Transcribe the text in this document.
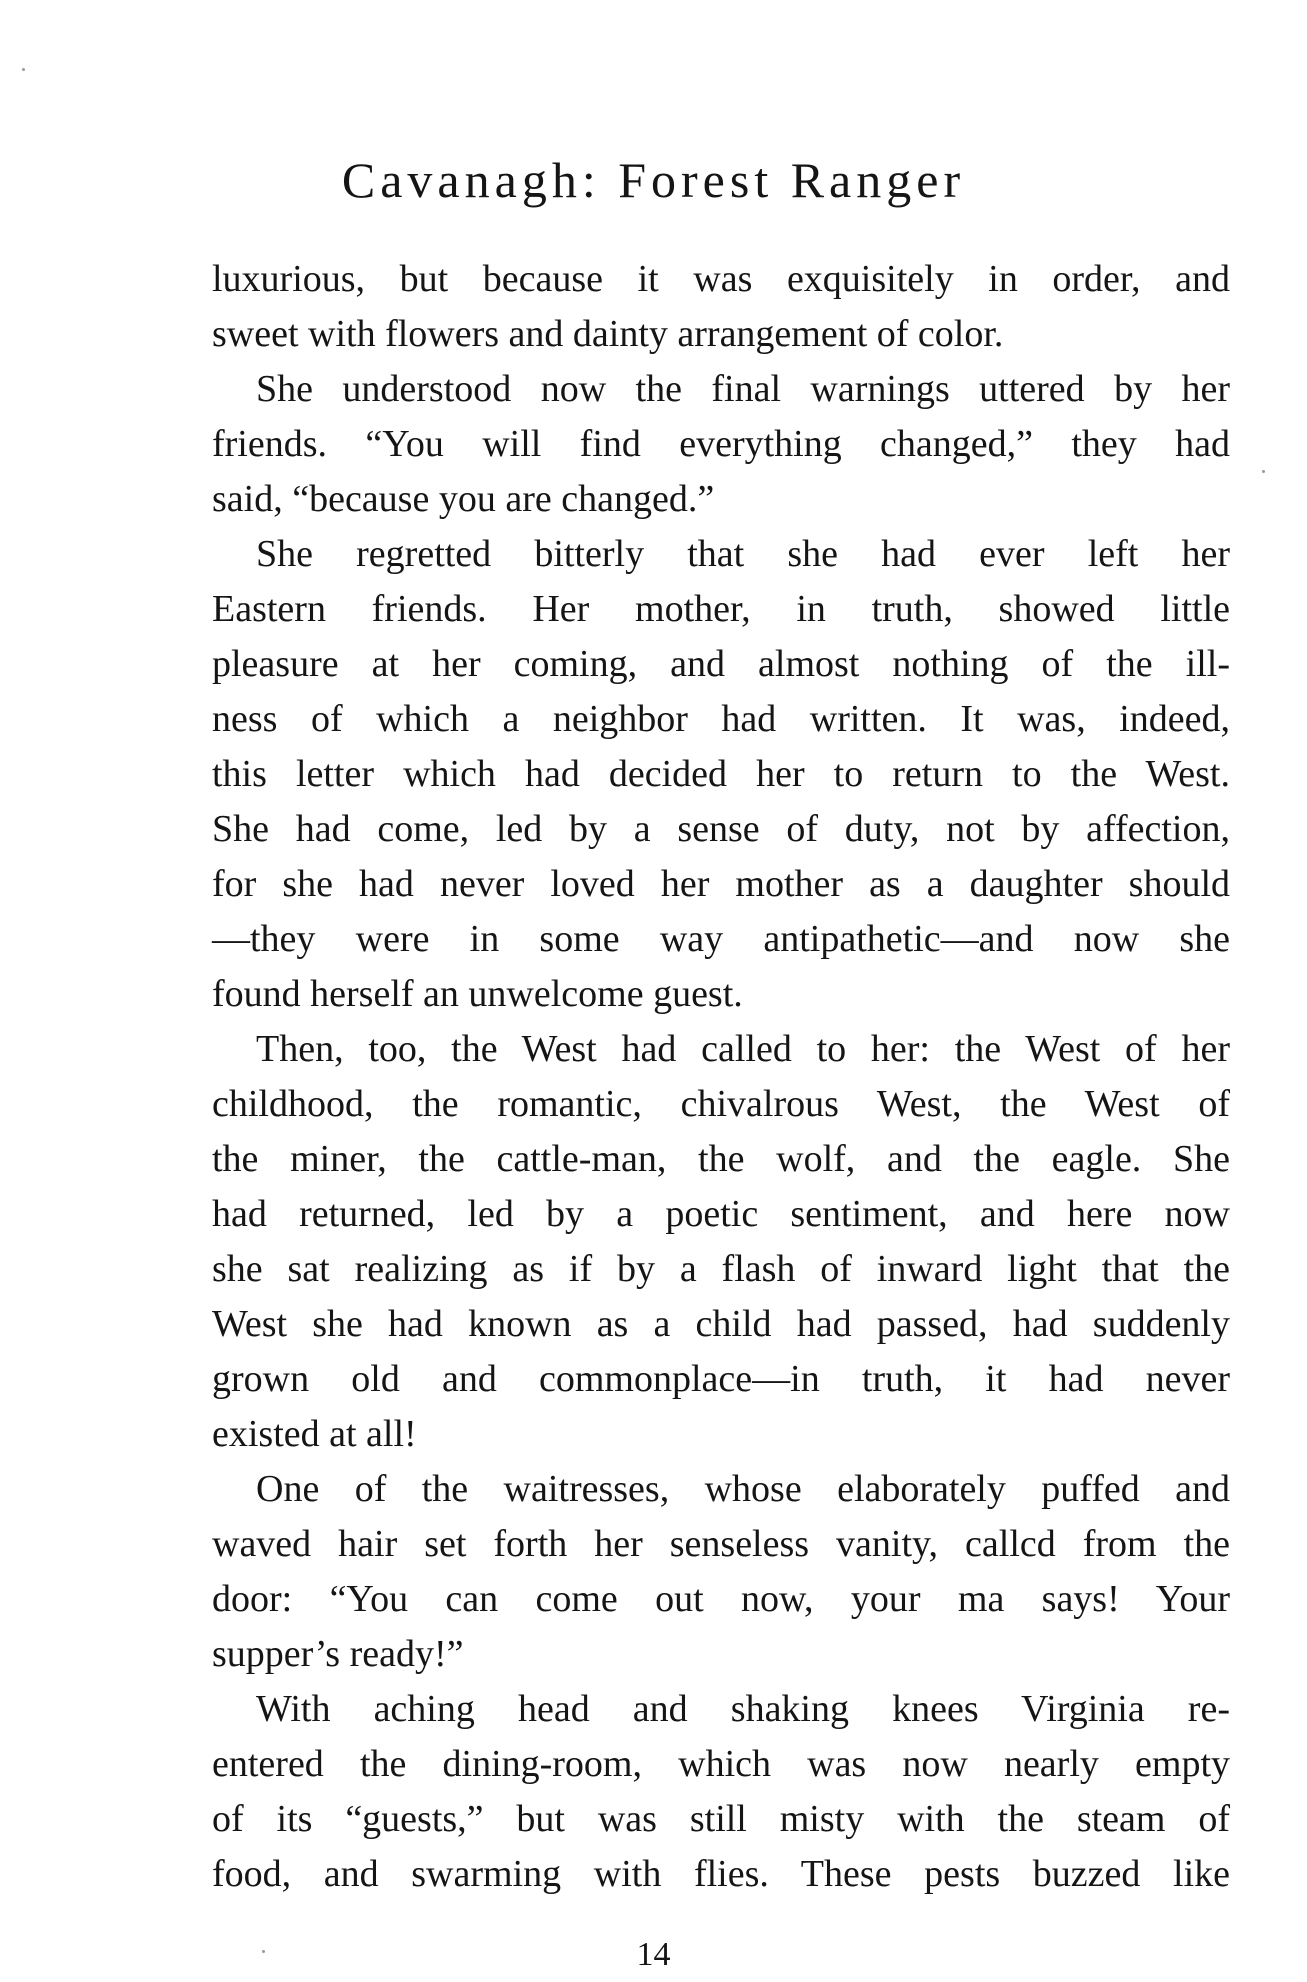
Cavanagh: Forest Ranger
luxurious, but because it was exquisitely in order, and
sweet with flowers and dainty arrangement of color.
She understood now the final warnings uttered by her
friends. “You will find everything changed,” they had
said, “because you are changed.”
She regretted bitterly that she had ever left her
Eastern friends. Her mother, in truth, showed little
pleasure at her coming, and almost nothing of the ill-
ness of which a neighbor had written. It was, indeed,
this letter which had decided her to return to the West.
She had come, led by a sense of duty, not by affection,
for she had never loved her mother as a daughter should
—they were in some way antipathetic—and now she
found herself an unwelcome guest.
Then, too, the West had called to her: the West of her
childhood, the romantic, chivalrous West, the West of
the miner, the cattle-man, the wolf, and the eagle. She
had returned, led by a poetic sentiment, and here now
she sat realizing as if by a flash of inward light that the
West she had known as a child had passed, had suddenly
grown old and commonplace—in truth, it had never
existed at all!
One of the waitresses, whose elaborately puffed and
waved hair set forth her senseless vanity, callcd from the
door: “You can come out now, your ma says! Your
supper’s ready!”
With aching head and shaking knees Virginia re-
entered the dining-room, which was now nearly empty
of its “guests,” but was still misty with the steam of
food, and swarming with flies. These pests buzzed like
14
